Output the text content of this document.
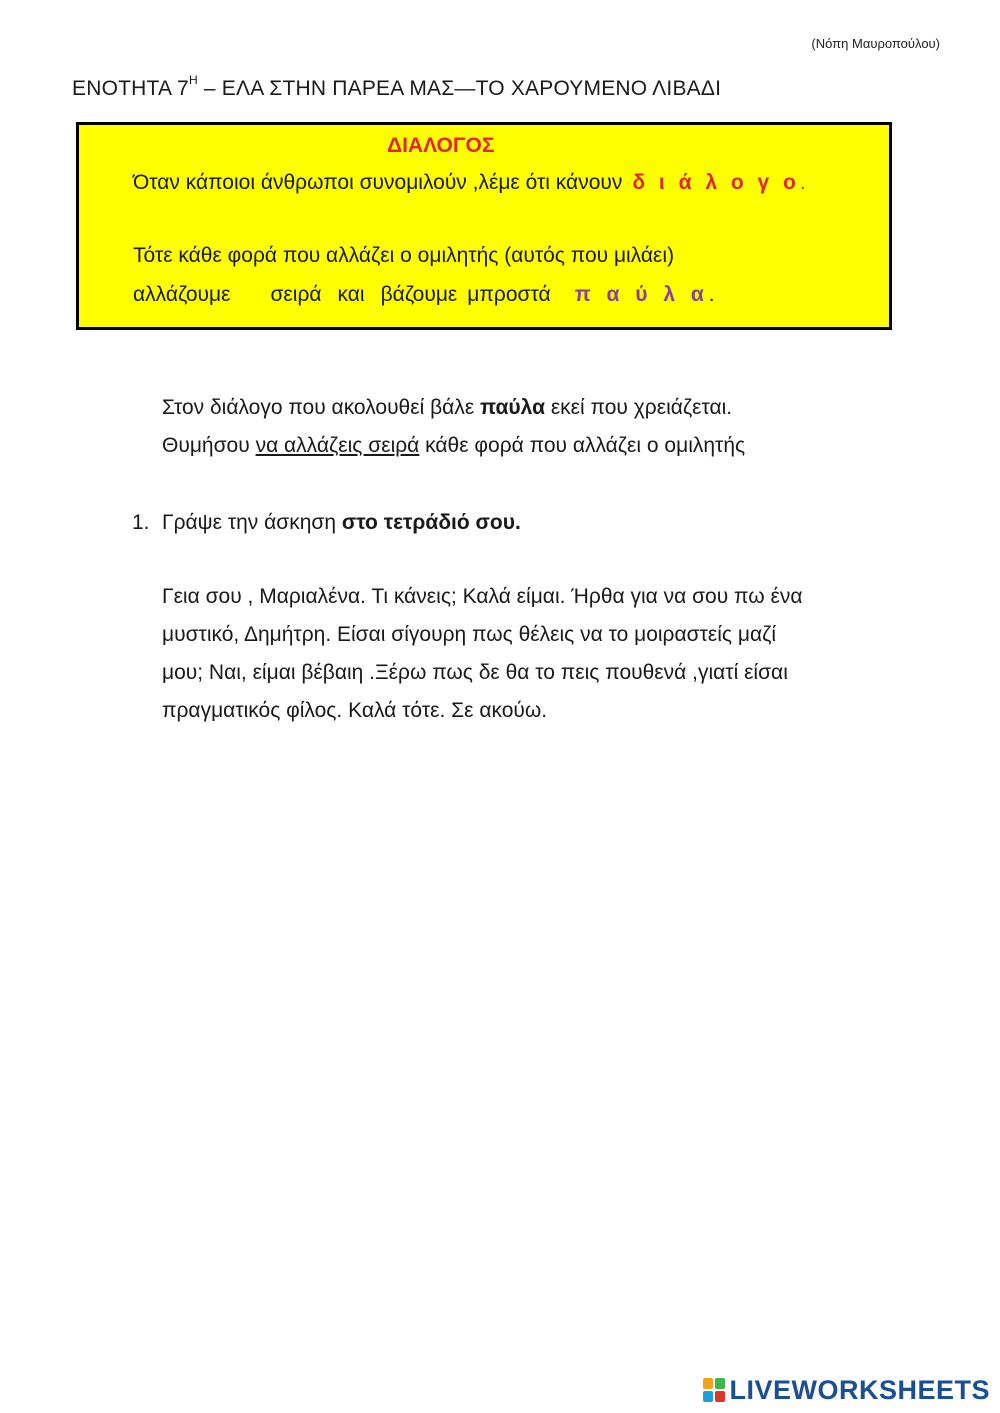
(Νόπη Μαυροπούλου)
ΕΝΟΤΗΤΑ $7^H$ – ΕΛΑ ΣΤΗΝ ΠΑΡΕΑ ΜΑΣ—ΤΟ ΧΑΡΟΥΜΕΝΟ ΛΙΒΑΔΙ
ΔΙΑΛΟΓΟΣ
Όταν κάποιοι άνθρωποι συνομιλούν ,λέμε ότι κάνουν δ ι ά λ ο γ ο.
Τότε κάθε φορά που αλλάζει ο ομιλητής (αυτός που μιλάει)
αλλάζουμε σειρά και βάζουμε μπροστά π α ύ λ α.
Στον διάλογο που ακολουθεί βάλε παύλα εκεί που χρειάζεται.
Θυμήσου να αλλάζεις σειρά κάθε φορά που αλλάζει ο ομιλητής
1. Γράψε την άσκηση στο τετράδιό σου.
Γεια σου , Μαριαλένα. Τι κάνεις; Καλά είμαι. Ήρθα για να σου πω ένα
μυστικό, Δημήτρη. Είσαι σίγουρη πως θέλεις να το μοιραστείς μαζί
μου; Ναι, είμαι βέβαιη .Ξέρω πως δε θα το πεις πουθενά ,γιατί είσαι
πραγματικός φίλος. Καλά τότε. Σε ακούω.
LIVEWORKSHEETS
